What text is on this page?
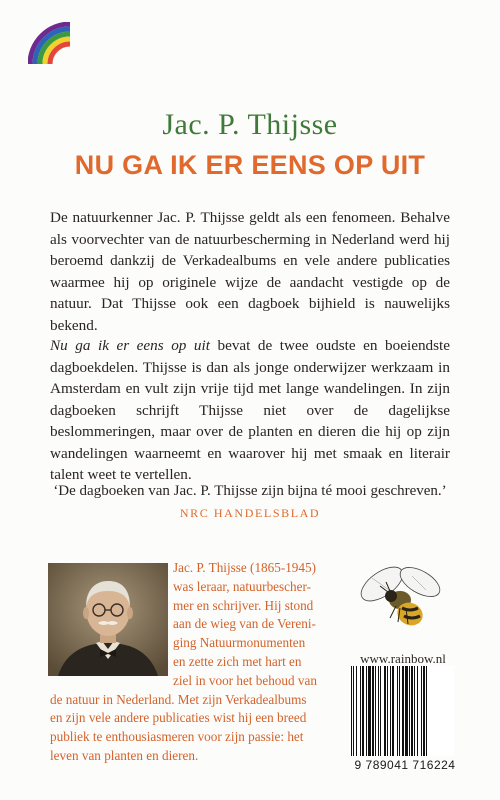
Jac. P. Thijsse
NU GA IK ER EENS OP UIT

De natuurkenner Jac. P. Thijsse geldt als een fenomeen. Behalve als voorvechter van de natuurbescherming in Nederland werd hij beroemd dankzij de Verkadealbums en vele andere publicaties waarmee hij op originele wijze de aandacht vestigde op de natuur. Dat Thijsse ook een dagboek bijhield is nauwelijks bekend.

Nu ga ik er eens op uit bevat de twee oudste en boeiendste dagboekdelen. Thijsse is dan als jonge onderwijzer werkzaam in Amsterdam en vult zijn vrije tijd met lange wandelingen. In zijn dagboeken schrijft Thijsse niet over de dagelijkse beslommeringen, maar over de planten en dieren die hij op zijn wandelingen waarneemt en waarover hij met smaak en literair talent weet te vertellen.

‘De dagboeken van Jac. P. Thijsse zijn bijna té mooi geschreven.’
NRC HANDELSBLAD
Jac. P. Thijsse (1865-1945)
was leraar, natuurbescher-
mer en schrijver. Hij stond
aan de wieg van de Vereni-
ging Natuurmonumenten
en zette zich met hart en
ziel in voor het behoud van
de natuur in Nederland. Met zijn Verkadealbums
en zijn vele andere publicaties wist hij een breed
publiek te enthousiasmeren voor zijn passie: het
leven van planten en dieren.
www.rainbow.nl
9 789041 716224
